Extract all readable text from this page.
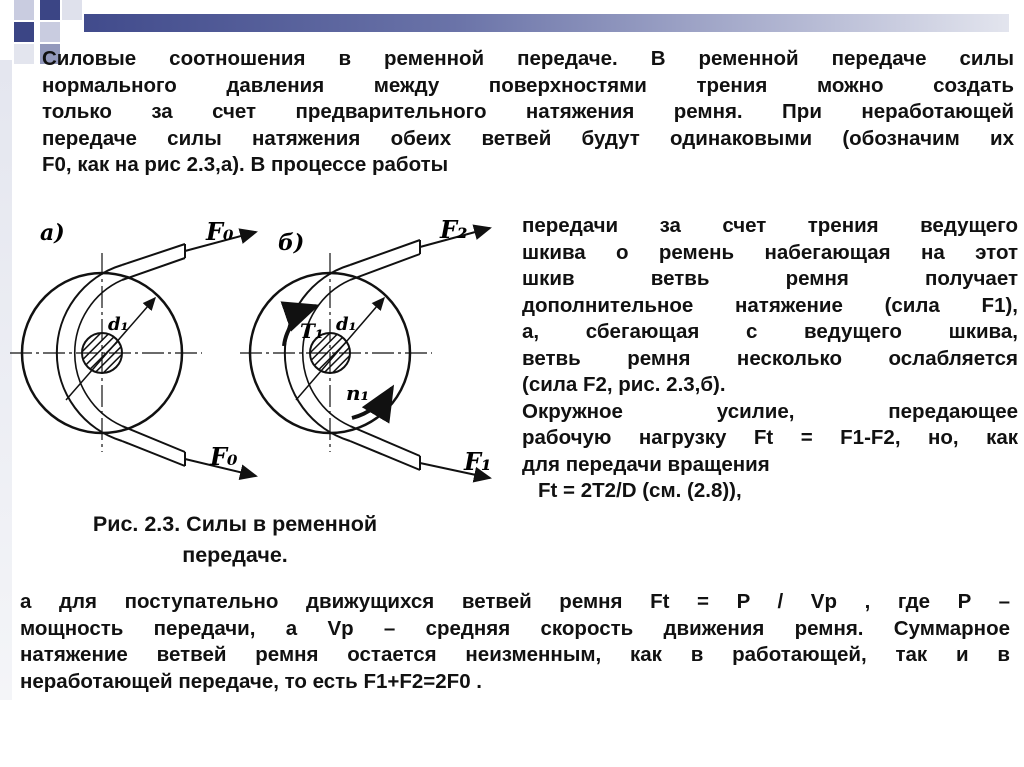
Силовые соотношения в ременной передаче. В ременной передаче силы
нормального давления между поверхностями трения можно создать
только за счет предварительного натяжения ремня. При неработающей
передаче силы натяжения обеих ветвей будут одинаковыми (обозначим их
F0, как на рис 2.3,а). В процессе работы

передачи за счет трения ведущего
шкива о ремень набегающая на этот
шкив ветвь ремня получает
дополнительное натяжение (сила F1),
а, сбегающая с ведущего шкива,
ветвь ремня несколько ослабляется
(сила F2, рис. 2.3,б).
Окружное усилие, передающее
рабочую нагрузку Ft = F1-F2, но, как
для передачи вращения
Ft = 2T2/D (см. (2.8)),

Рис. 2.3. Силы в ременной
передаче.

а для поступательно движущихся ветвей ремня Ft = P / Vp , где P –
мощность передачи, а Vp – средняя скорость движения ремня. Суммарное
натяжение ветвей ремня остается неизменным, как в работающей, так и в
неработающей передаче, то есть F1+F2=2F0 .

а)	б)
F₀
F₀
d₁
F₂
F₁
d₁
T₁
n₁
